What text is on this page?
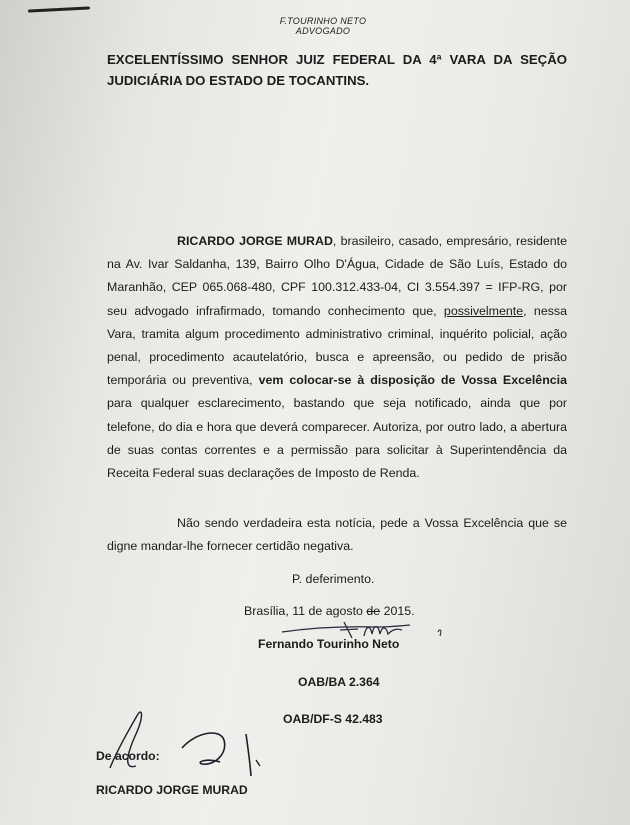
F.TOURINHO NETO
ADVOGADO
EXCELENTÍSSIMO SENHOR JUIZ FEDERAL DA 4ª VARA DA SEÇÃO JUDICIÁRIA DO ESTADO DE TOCANTINS.
RICARDO JORGE MURAD, brasileiro, casado, empresário, residente na Av. Ivar Saldanha, 139, Bairro Olho D'Água, Cidade de São Luís, Estado do Maranhão, CEP 065.068-480, CPF 100.312.433-04, CI 3.554.397 = IFP-RG, por seu advogado infrafirmado, tomando conhecimento que, possivelmente, nessa Vara, tramita algum procedimento administrativo criminal, inquérito policial, ação penal, procedimento acautelatório, busca e apreensão, ou pedido de prisão temporária ou preventiva, vem colocar-se à disposição de Vossa Excelência para qualquer esclarecimento, bastando que seja notificado, ainda que por telefone, do dia e hora que deverá comparecer. Autoriza, por outro lado, a abertura de suas contas correntes e a permissão para solicitar à Superintendência da Receita Federal suas declarações de Imposto de Renda.
Não sendo verdadeira esta notícia, pede a Vossa Excelência que se digne mandar-lhe fornecer certidão negativa.
P. deferimento.
Brasília, 11 de agosto de 2015.
Fernando Tourinho Neto
OAB/BA 2.364
OAB/DF-S 42.483
De acordo:
RICARDO JORGE MURAD
